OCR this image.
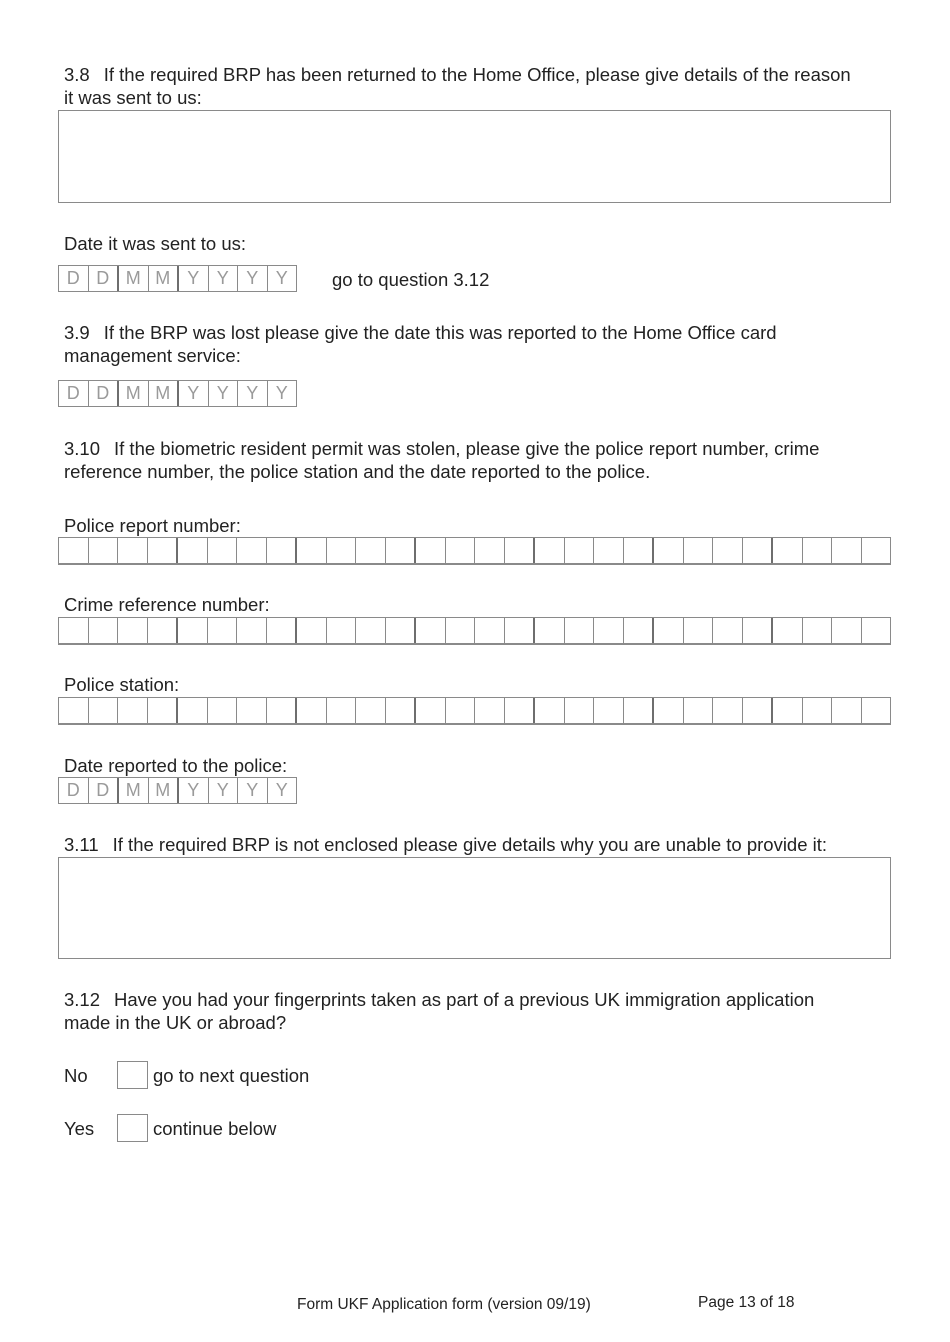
3.8 If the required BRP has been returned to the Home Office, please give details of the reason
it was sent to us:
Date it was sent to us:
D D M M Y Y Y Y	go to question 3.12
3.9 If the BRP was lost please give the date this was reported to the Home Office card
management service:
D D M M Y Y Y Y
3.10 If the biometric resident permit was stolen, please give the police report number, crime
reference number, the police station and the date reported to the police.
Police report number:
Crime reference number:
Police station:
Date reported to the police:
D D M M Y Y Y Y
3.11 If the required BRP is not enclosed please give details why you are unable to provide it:
3.12 Have you had your fingerprints taken as part of a previous UK immigration application
made in the UK or abroad?
No	go to next question
Yes	continue below
Form UKF Application form (version 09/19)	Page 13 of 18
